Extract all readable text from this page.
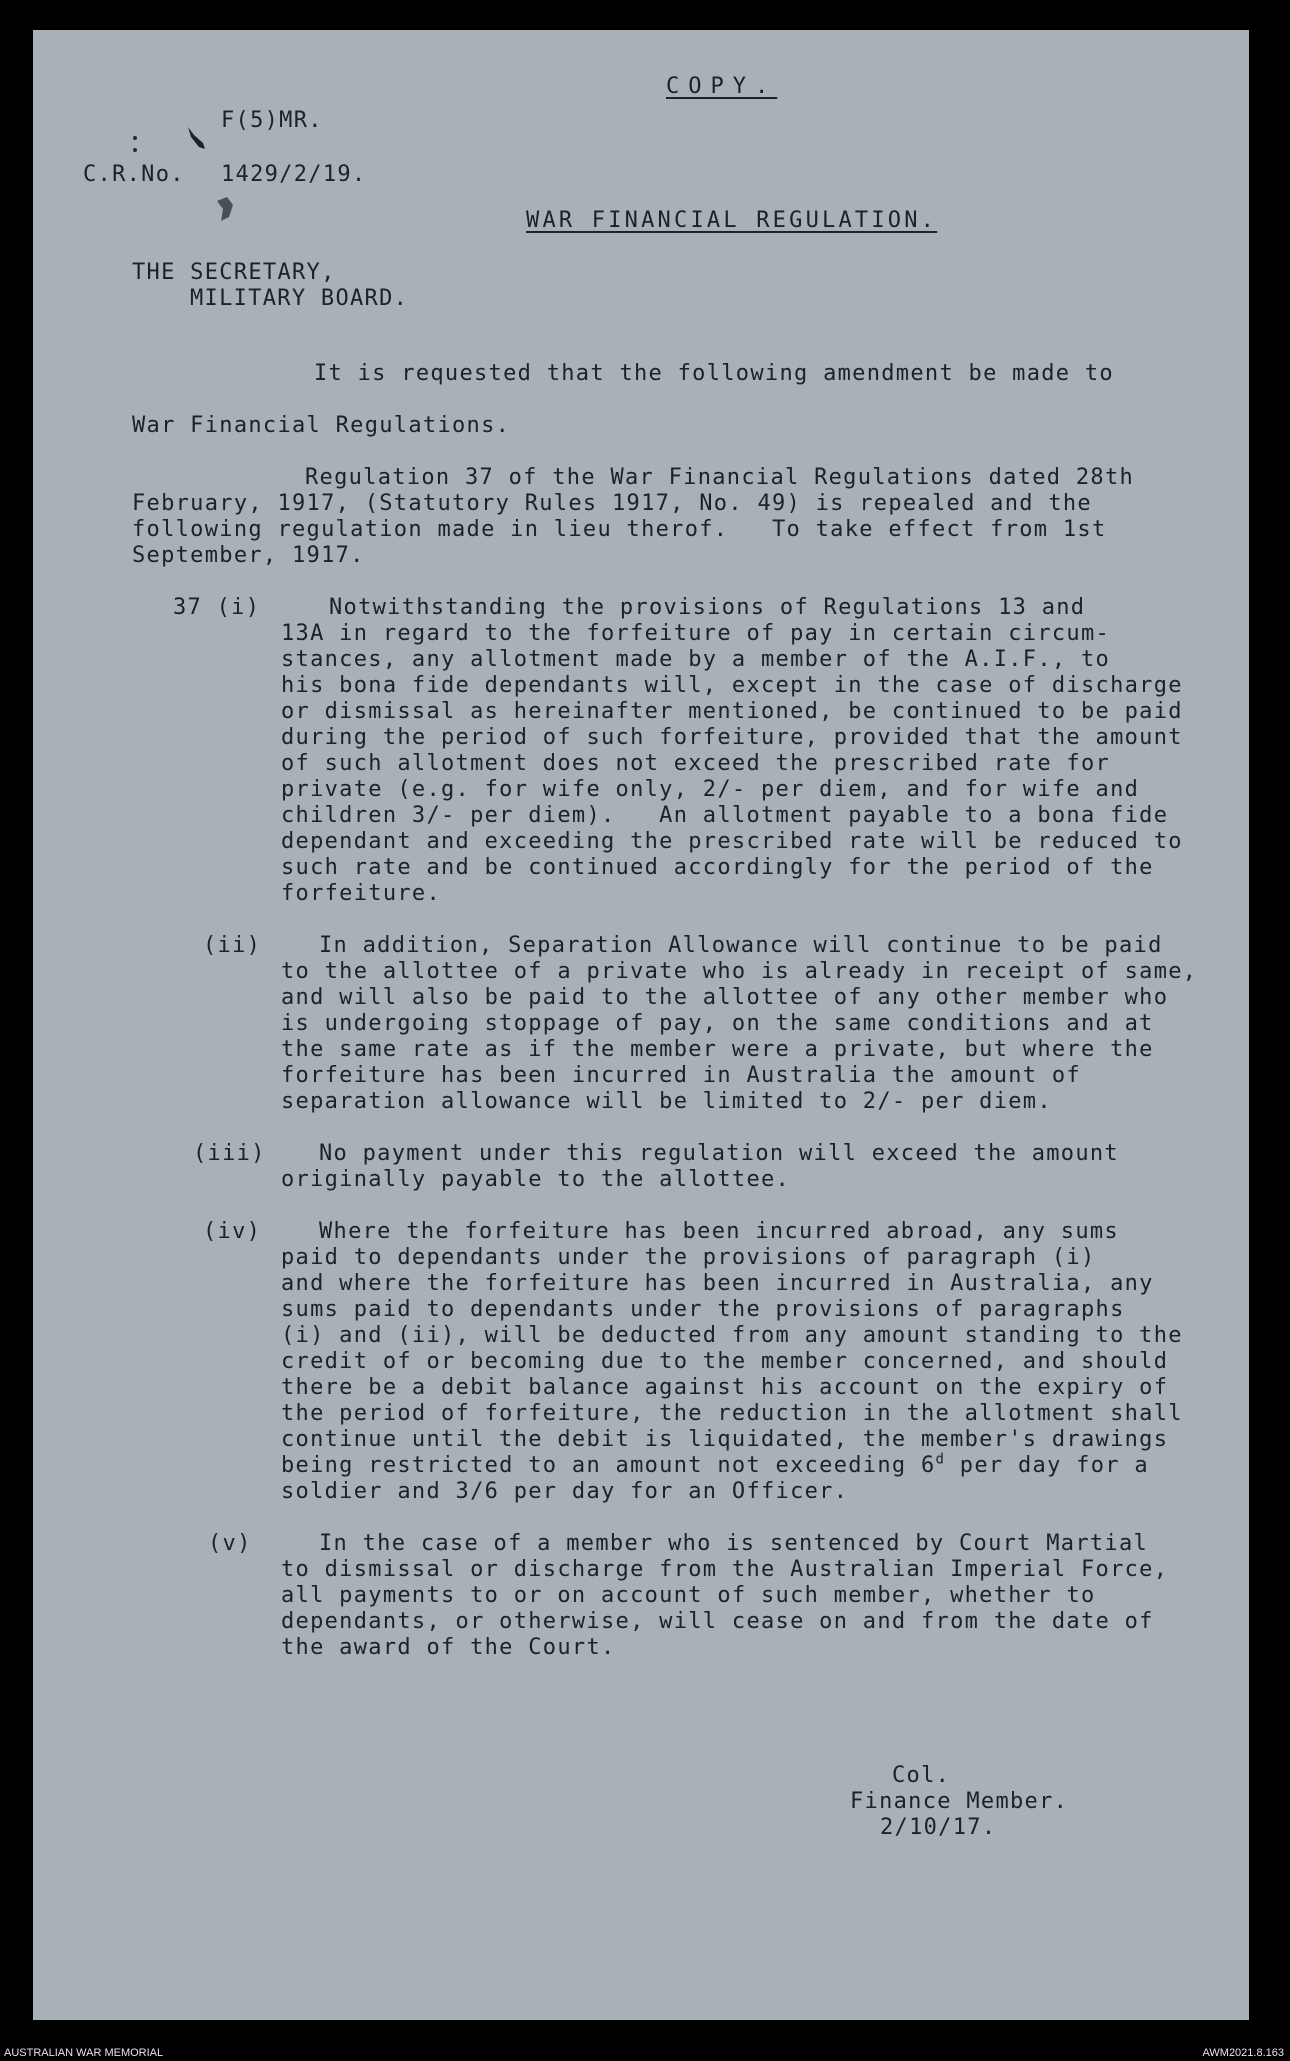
COPY.
F(5)MR.
C.R.No. 1429/2/19.
WAR FINANCIAL REGULATION.
THE SECRETARY,
MILITARY BOARD.
It is requested that the following amendment be made to
War Financial Regulations.
Regulation 37 of the War Financial Regulations dated 28th
February, 1917, (Statutory Rules 1917, No. 49) is repealed and the
following regulation made in lieu therof.   To take effect from 1st
September, 1917.
37 (i)	Notwithstanding the provisions of Regulations 13 and
13A in regard to the forfeiture of pay in certain circum-
stances, any allotment made by a member of the A.I.F., to
his bona fide dependants will, except in the case of discharge
or dismissal as hereinafter mentioned, be continued to be paid
during the period of such forfeiture, provided that the amount
of such allotment does not exceed the prescribed rate for
private (e.g. for wife only, 2/- per diem, and for wife and
children 3/- per diem).   An allotment payable to a bona fide
dependant and exceeding the prescribed rate will be reduced to
such rate and be continued accordingly for the period of the
forfeiture.
(ii)	In addition, Separation Allowance will continue to be paid
to the allottee of a private who is already in receipt of same,
and will also be paid to the allottee of any other member who
is undergoing stoppage of pay, on the same conditions and at
the same rate as if the member were a private, but where the
forfeiture has been incurred in Australia the amount of
separation allowance will be limited to 2/- per diem.
(iii) No payment under this regulation will exceed the amount
originally payable to the allottee.
(iv)	Where the forfeiture has been incurred abroad, any sums
paid to dependants under the provisions of paragraph (i)
and where the forfeiture has been incurred in Australia, any
sums paid to dependants under the provisions of paragraphs
(i) and (ii), will be deducted from any amount standing to the
credit of or becoming due to the member concerned, and should
there be a debit balance against his account on the expiry of
the period of forfeiture, the reduction in the allotment shall
continue until the debit is liquidated, the member's drawings
being restricted to an amount not exceeding 6$^d$ per day for a
soldier and 3/6 per day for an Officer.
(v)	In the case of a member who is sentenced by Court Martial
to dismissal or discharge from the Australian Imperial Force,
all payments to or on account of such member, whether to
dependants, or otherwise, will cease on and from the date of
the award of the Court.
Col.
Finance Member.
2/10/17.
AUSTRALIAN WAR MEMORIAL	AWM2021.8.163
